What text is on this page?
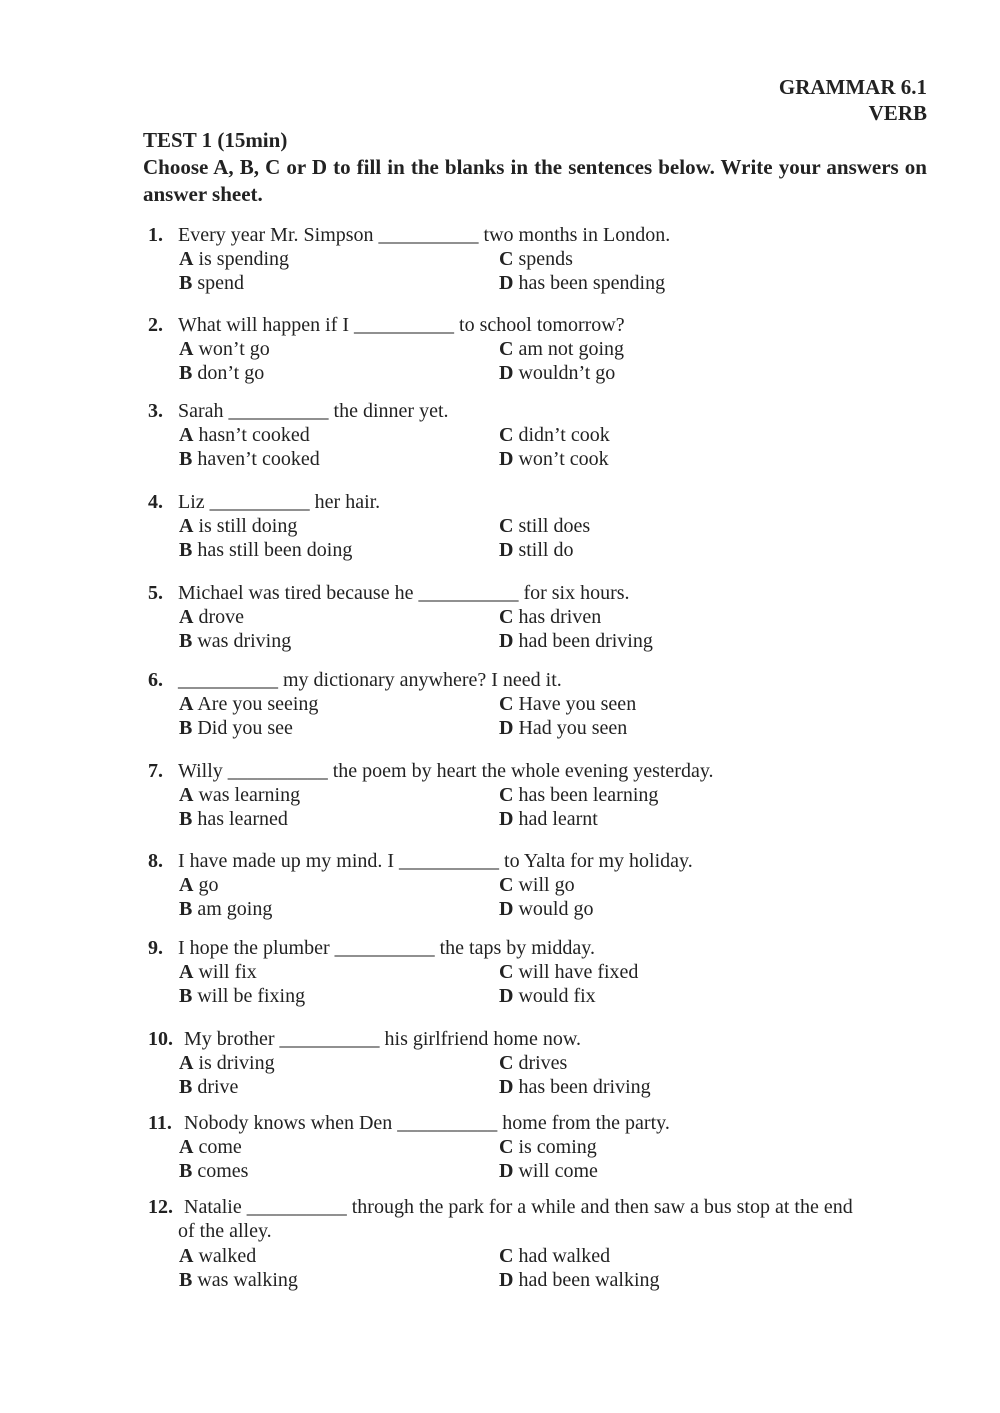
GRAMMAR 6.1
VERB
TEST 1 (15min)
Choose A, B, C or D to fill in the blanks in the sentences below. Write your answers on answer sheet.
1. Every year Mr. Simpson __________ two months in London.
A is spending	C spends
B spend	D has been spending
2. What will happen if I __________ to school tomorrow?
A won’t go	C am not going
B don’t go	D wouldn’t go
3. Sarah __________ the dinner yet.
A hasn’t cooked	C didn’t cook
B haven’t cooked	D won’t cook
4. Liz __________ her hair.
A is still doing	C still does
B has still been doing	D still do
5. Michael was tired because he __________ for six hours.
A drove	C has driven
B was driving	D had been driving
6. __________ my dictionary anywhere? I need it.
A Are you seeing	C Have you seen
B Did you see	D Had you seen
7. Willy __________ the poem by heart the whole evening yesterday.
A was learning	C has been learning
B has learned	D had learnt
8. I have made up my mind. I __________ to Yalta for my holiday.
A go	C will go
B am going	D would go
9. I hope the plumber __________ the taps by midday.
A will fix	C will have fixed
B will be fixing	D would fix
10. My brother __________ his girlfriend home now.
A is driving	C drives
B drive	D has been driving
11. Nobody knows when Den __________ home from the party.
A come	C is coming
B comes	D will come
12. Natalie __________ through the park for a while and then saw a bus stop at the end
of the alley.
A walked	C had walked
B was walking	D had been walking
